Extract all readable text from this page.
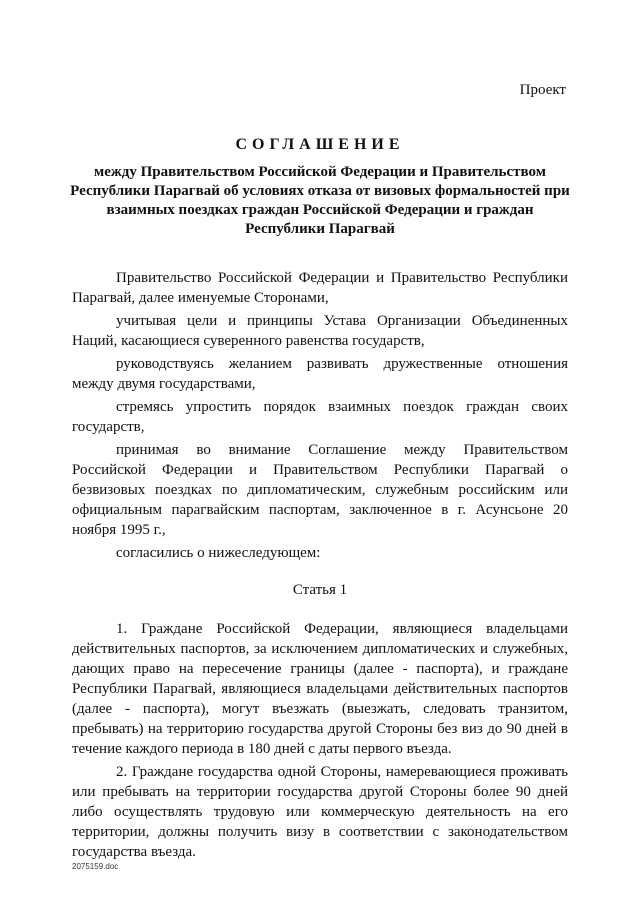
Проект
СОГЛАШЕНИЕ
между Правительством Российской Федерации и Правительством Республики Парагвай об условиях отказа от визовых формальностей при взаимных поездках граждан Российской Федерации и граждан Республики Парагвай

Правительство Российской Федерации и Правительство Республики Парагвай, далее именуемые Сторонами,

учитывая цели и принципы Устава Организации Объединенных Наций, касающиеся суверенного равенства государств,

руководствуясь желанием развивать дружественные отношения между двумя государствами,

стремясь упростить порядок взаимных поездок граждан своих государств,

принимая во внимание Соглашение между Правительством Российской Федерации и Правительством Республики Парагвай о безвизовых поездках по дипломатическим, служебным российским или официальным парагвайским паспортам, заключенное в г. Асунсьоне 20 ноября 1995 г.,

согласились о нижеследующем:

Статья 1

1. Граждане Российской Федерации, являющиеся владельцами действительных паспортов, за исключением дипломатических и служебных, дающих право на пересечение границы (далее - паспорта), и граждане Республики Парагвай, являющиеся владельцами действительных паспортов (далее - паспорта), могут въезжать (выезжать, следовать транзитом, пребывать) на территорию государства другой Стороны без виз до 90 дней в течение каждого периода в 180 дней с даты первого въезда.

2. Граждане государства одной Стороны, намеревающиеся проживать или пребывать на территории государства другой Стороны более 90 дней либо осуществлять трудовую или коммерческую деятельность на его территории, должны получить визу в соответствии с законодательством государства въезда.

2075159.doc
